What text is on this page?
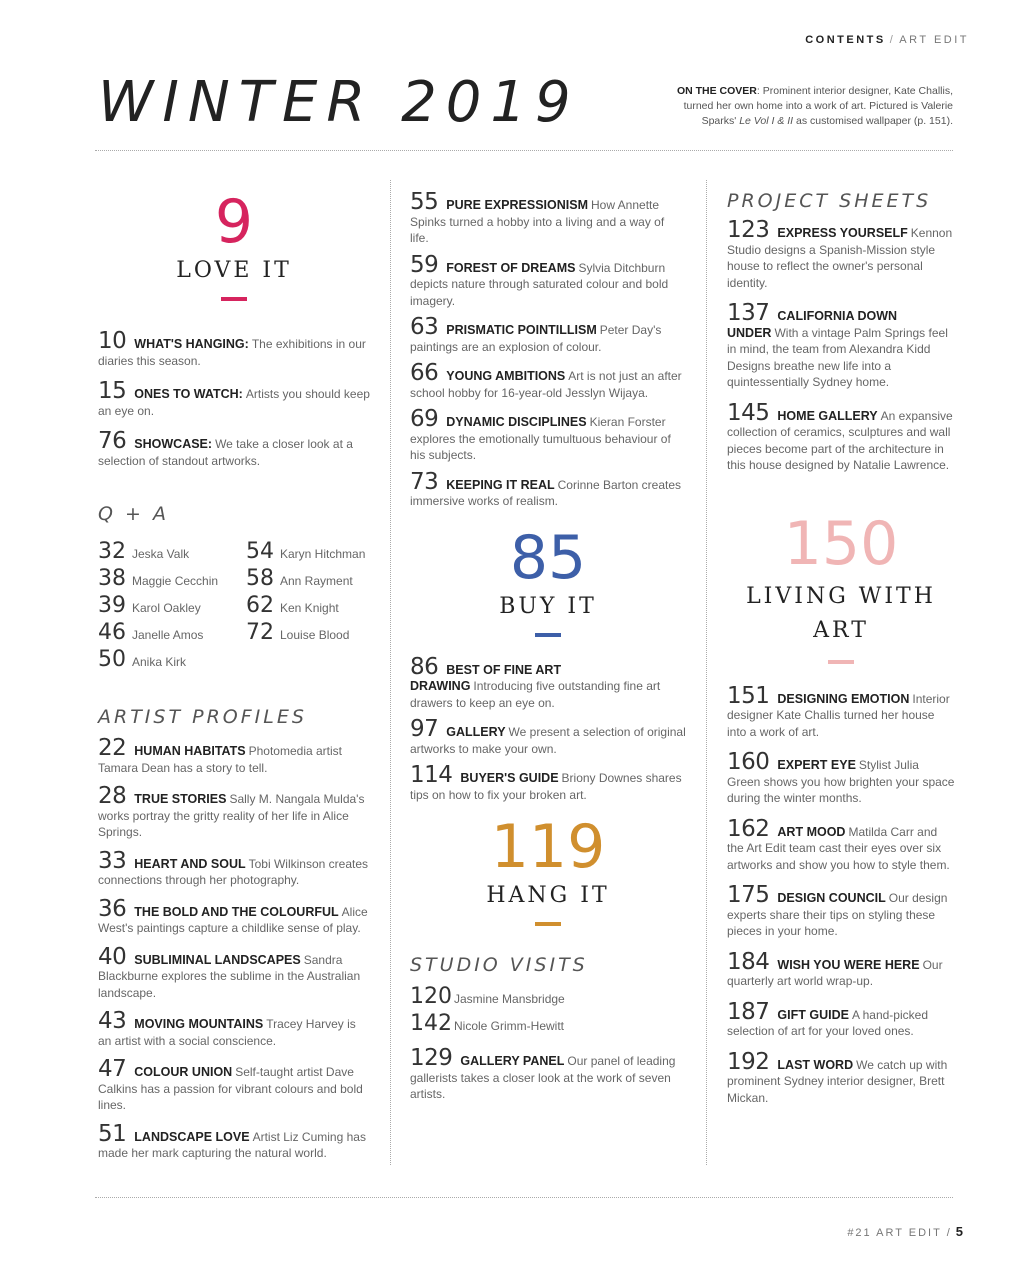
CONTENTS / ART EDIT
WINTER 2019	ON THE COVER: Prominent interior designer, Kate Challis, turned her own home into a work of art. Pictured is Valerie Sparks' Le Vol I & II as customised wallpaper (p. 151).
9
LOVE IT
10 WHAT'S HANGING: The exhibitions in our diaries this season.
15 ONES TO WATCH: Artists you should keep an eye on.
76 SHOWCASE: We take a closer look at a selection of standout artworks.
Q + A
32 Jeska Valk	54 Karyn Hitchman
38 Maggie Cecchin	58 Ann Rayment
39 Karol Oakley	62 Ken Knight
46 Janelle Amos	72 Louise Blood
50 Anika Kirk
ARTIST PROFILES
22 HUMAN HABITATS Photomedia artist Tamara Dean has a story to tell.
28 TRUE STORIES Sally M. Nangala Mulda's works portray the gritty reality of her life in Alice Springs.
33 HEART AND SOUL Tobi Wilkinson creates connections through her photography.
36 THE BOLD AND THE COLOURFUL Alice West's paintings capture a childlike sense of play.
40 SUBLIMINAL LANDSCAPES Sandra Blackburne explores the sublime in the Australian landscape.
43 MOVING MOUNTAINS Tracey Harvey is an artist with a social conscience.
47 COLOUR UNION Self-taught artist Dave Calkins has a passion for vibrant colours and bold lines.
51 LANDSCAPE LOVE Artist Liz Cuming has made her mark capturing the natural world.
55 PURE EXPRESSIONISM How Annette Spinks turned a hobby into a living and a way of life.
59 FOREST OF DREAMS Sylvia Ditchburn depicts nature through saturated colour and bold imagery.
63 PRISMATIC POINTILLISM Peter Day's paintings are an explosion of colour.
66 YOUNG AMBITIONS Art is not just an after school hobby for 16-year-old Jesslyn Wijaya.
69 DYNAMIC DISCIPLINES Kieran Forster explores the emotionally tumultuous behaviour of his subjects.
73 KEEPING IT REAL Corinne Barton creates immersive works of realism.
85
BUY IT
86 BEST OF FINE ART DRAWING Introducing five outstanding fine art drawers to keep an eye on.
97 GALLERY We present a selection of original artworks to make your own.
114 BUYER'S GUIDE Briony Downes shares tips on how to fix your broken art.
119
HANG IT
STUDIO VISITS
120 Jasmine Mansbridge
142 Nicole Grimm-Hewitt
129 GALLERY PANEL Our panel of leading gallerists takes a closer look at the work of seven artists.
PROJECT SHEETS
123 EXPRESS YOURSELF Kennon Studio designs a Spanish-Mission style house to reflect the owner's personal identity.
137 CALIFORNIA DOWN UNDER With a vintage Palm Springs feel in mind, the team from Alexandra Kidd Designs breathe new life into a quintessentially Sydney home.
145 HOME GALLERY An expansive collection of ceramics, sculptures and wall pieces become part of the architecture in this house designed by Natalie Lawrence.
150
LIVING WITH
ART
151 DESIGNING EMOTION Interior designer Kate Challis turned her house into a work of art.
160 EXPERT EYE Stylist Julia Green shows you how brighten your space during the winter months.
162 ART MOOD Matilda Carr and the Art Edit team cast their eyes over six artworks and show you how to style them.
175 DESIGN COUNCIL Our design experts share their tips on styling these pieces in your home.
184 WISH YOU WERE HERE Our quarterly art world wrap-up.
187 GIFT GUIDE A hand-picked selection of art for your loved ones.
192 LAST WORD We catch up with prominent Sydney interior designer, Brett Mickan.
#21 ART EDIT / 5
